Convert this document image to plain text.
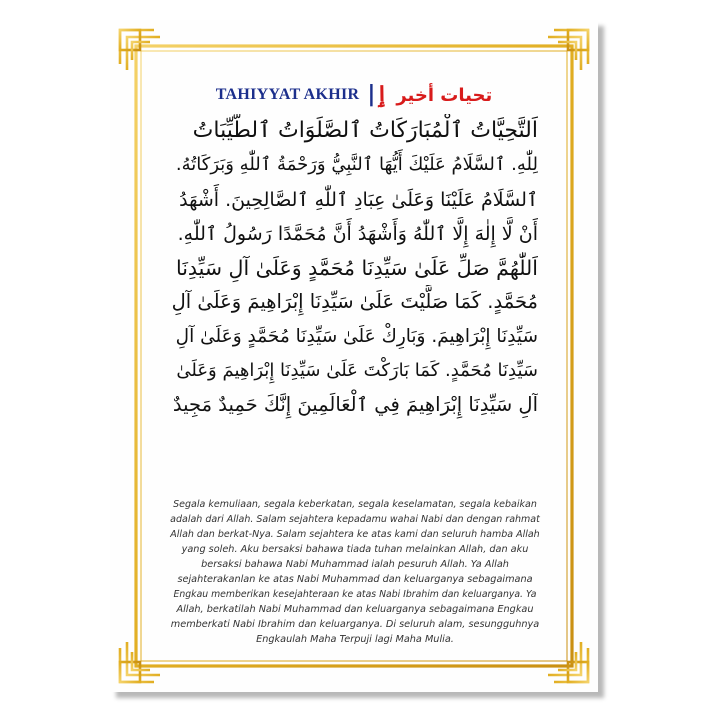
TAHIYYAT AKHIR |ٳ تحيات أخير
اَلتَّحِيَّاتُ ٱلْمُبَارَكَاتُ ٱلصَّلَوَاتُ ٱلطَّيِّبَاتُ
لِلّٰهِ. ٱلسَّلَامُ عَلَيْكَ أَيُّهَا ٱلنَّبِيُّ وَرَحْمَةُ ٱللّٰهِ وَبَرَكَاتُهُ.
ٱلسَّلَامُ عَلَيْنَا وَعَلَىٰ عِبَادِ ٱللّٰهِ ٱلصَّالِحِينَ. أَشْهَدُ
أَنْ لَّا إِلٰهَ إِلَّا ٱللّٰهُ وَأَشْهَدُ أَنَّ مُحَمَّدًا رَسُولُ ٱللّٰهِ.
اَللّٰهُمَّ صَلِّ عَلَىٰ سَيِّدِنَا مُحَمَّدٍ وَعَلَىٰ آلِ سَيِّدِنَا
مُحَمَّدٍ. كَمَا صَلَّيْتَ عَلَىٰ سَيِّدِنَا إِبْرَاهِيمَ وَعَلَىٰ آلِ
سَيِّدِنَا إِبْرَاهِيمَ. وَبَارِكْ عَلَىٰ سَيِّدِنَا مُحَمَّدٍ وَعَلَىٰ آلِ
سَيِّدِنَا مُحَمَّدٍ. كَمَا بَارَكْتَ عَلَىٰ سَيِّدِنَا إِبْرَاهِيمَ وَعَلَىٰ
آلِ سَيِّدِنَا إِبْرَاهِيمَ فِي ٱلْعَالَمِينَ إِنَّكَ حَمِيدٌ مَجِيدٌ
Segala kemuliaan, segala keberkatan, segala keselamatan, segala kebaikan
adalah dari Allah. Salam sejahtera kepadamu wahai Nabi dan dengan rahmat
Allah dan berkat-Nya. Salam sejahtera ke atas kami dan seluruh hamba Allah
yang soleh. Aku bersaksi bahawa tiada tuhan melainkan Allah, dan aku
bersaksi bahawa Nabi Muhammad ialah pesuruh Allah. Ya Allah
sejahterakanlan ke atas Nabi Muhammad dan keluarganya sebagaimana
Engkau memberikan kesejahteraan ke atas Nabi Ibrahim dan keluarganya. Ya
Allah, berkatilah Nabi Muhammad dan keluarganya sebagaimana Engkau
memberkati Nabi Ibrahim dan keluarganya. Di seluruh alam, sesungguhnya
Engkaulah Maha Terpuji lagi Maha Mulia.
